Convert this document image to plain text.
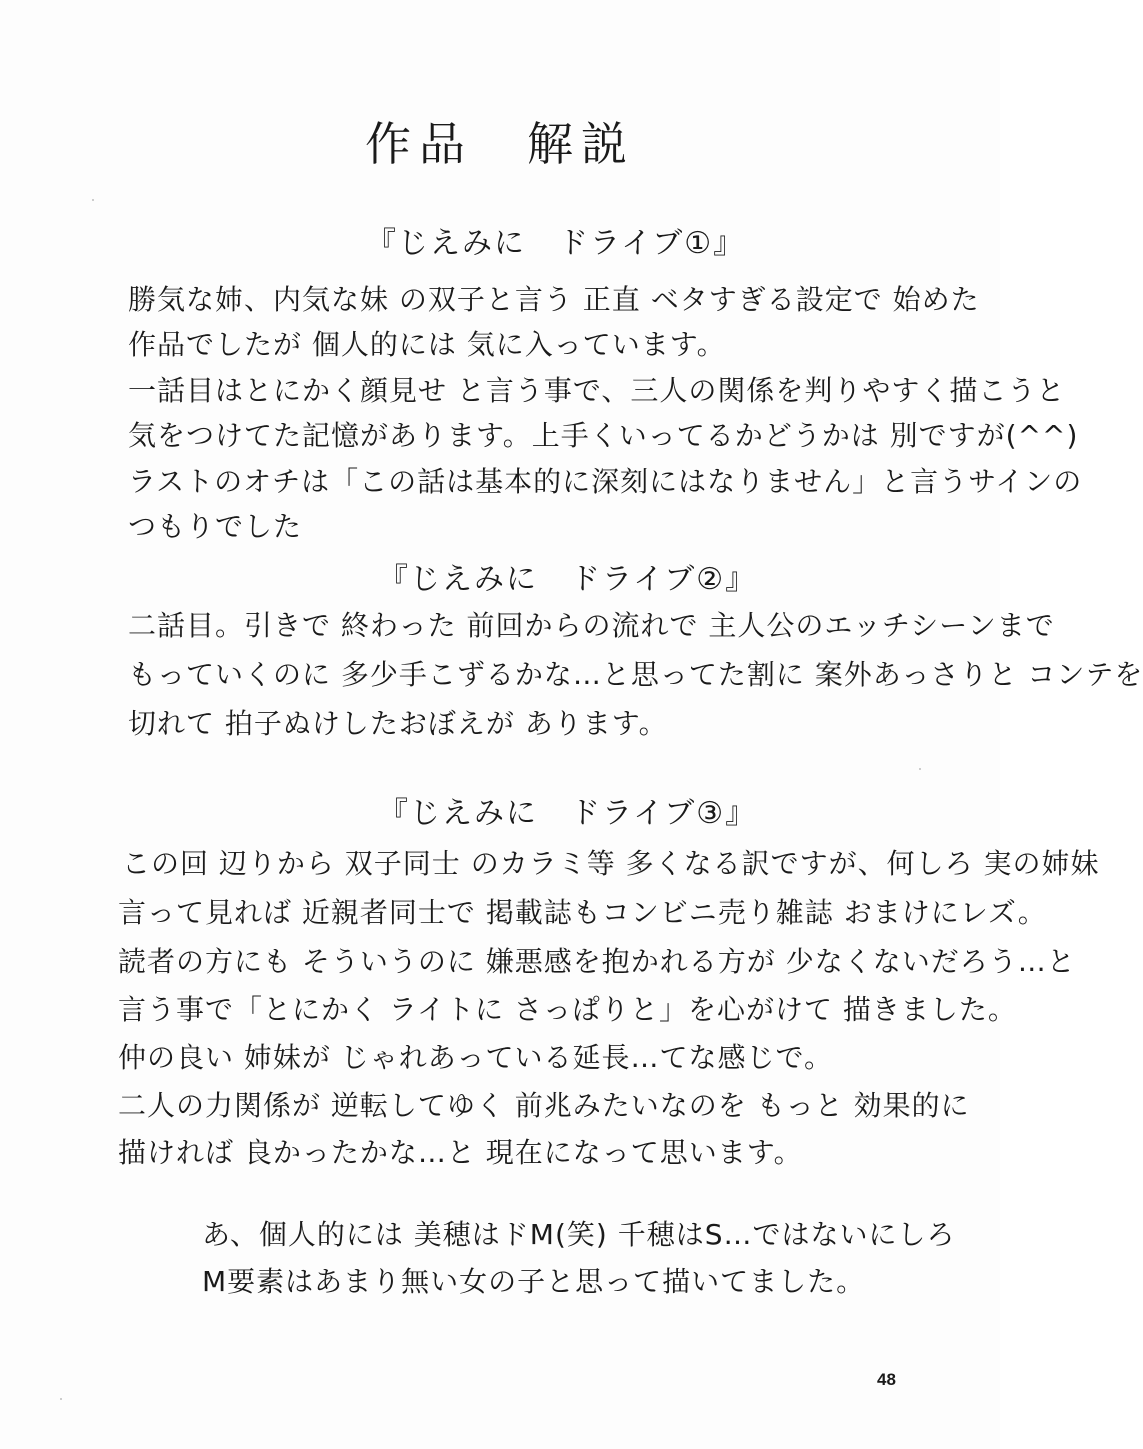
作品　解説
『じえみに　ドライブ①』
勝気な姉、内気な妹 の双子と言う 正直 ベタすぎる設定で 始めた
作品でしたが 個人的には 気に入っています。
一話目はとにかく顔見せ と言う事で、三人の関係を判りやすく描こうと
気をつけてた記憶があります。上手くいってるかどうかは 別ですが(^^)
ラストのオチは「この話は基本的に深刻にはなりません」と言うサインの
つもりでした
『じえみに　ドライブ②』
二話目。引きで 終わった 前回からの流れで 主人公のエッチシーンまで
もっていくのに 多少手こずるかな…と思ってた割に 案外あっさりと コンテを
切れて 拍子ぬけしたおぼえが あります。
『じえみに　ドライブ③』
この回 辺りから 双子同士 のカラミ等 多くなる訳ですが、何しろ 実の姉妹
言って見れば 近親者同士で 掲載誌もコンビニ売り雑誌 おまけにレズ。
読者の方にも そういうのに 嫌悪感を抱かれる方が 少なくないだろう…と
言う事で「とにかく ライトに さっぱりと」を心がけて 描きました。
仲の良い 姉妹が じゃれあっている延長…てな感じで。
二人の力関係が 逆転してゆく 前兆みたいなのを もっと 効果的に
描ければ 良かったかな…と 現在になって思います。
あ、個人的には 美穂はドM(笑) 千穂はS…ではないにしろ
M要素はあまり無い女の子と思って描いてました。
48
